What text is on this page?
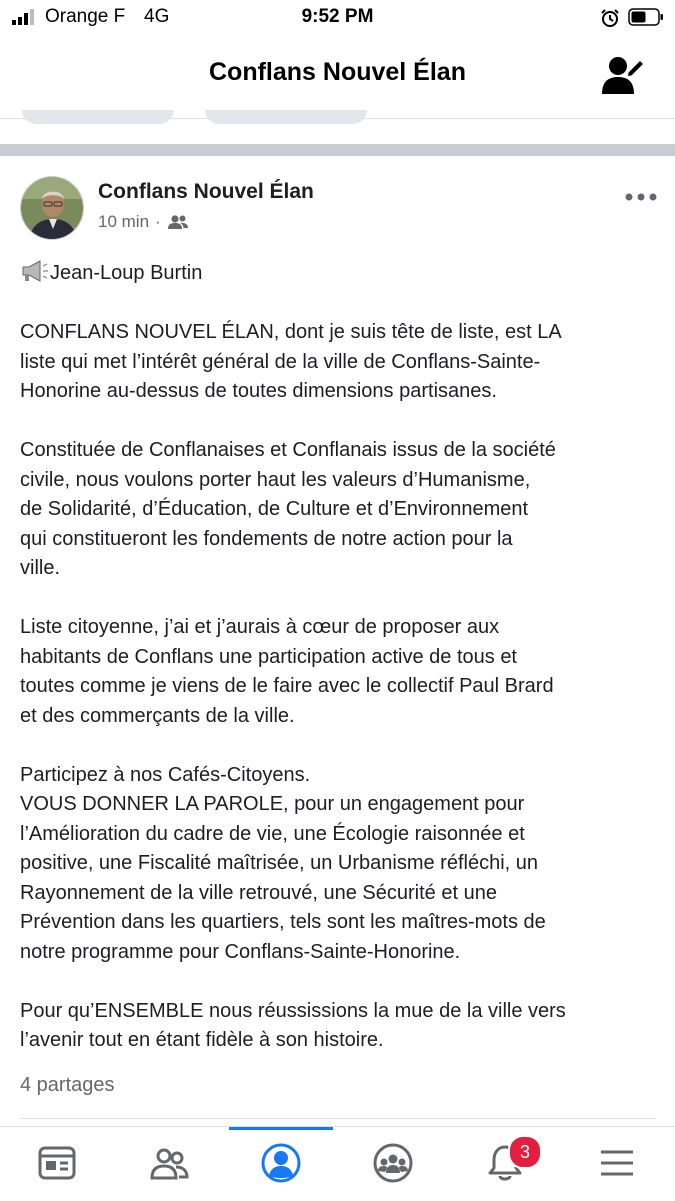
Orange F 4G	9:52 PM
Conflans Nouvel Élan
Conflans Nouvel Élan
10 min ·

Jean-Loup Burtin

CONFLANS NOUVEL ÉLAN, dont je suis tête de liste, est LA
liste qui met l’intérêt général de la ville de Conflans-Sainte-
Honorine au-dessus de toutes dimensions partisanes.

Constituée de Conflanaises et Conflanais issus de la société
civile, nous voulons porter haut les valeurs d’Humanisme,
de Solidarité, d’Éducation, de Culture et d’Environnement
qui constitueront les fondements de notre action pour la
ville.

Liste citoyenne, j’ai et j’aurais à cœur de proposer aux
habitants de Conflans une participation active de tous et
toutes comme je viens de le faire avec le collectif Paul Brard
et des commerçants de la ville.

Participez à nos Cafés-Citoyens.
VOUS DONNER LA PAROLE, pour un engagement pour
l’Amélioration du cadre de vie, une Écologie raisonnée et
positive, une Fiscalité maîtrisée, un Urbanisme réfléchi, un
Rayonnement de la ville retrouvé, une Sécurité et une
Prévention dans les quartiers, tels sont les maîtres-mots de
notre programme pour Conflans-Sainte-Honorine.

Pour qu’ENSEMBLE nous réussissions la mue de la ville vers
l’avenir tout en étant fidèle à son histoire.

4 partages
3
